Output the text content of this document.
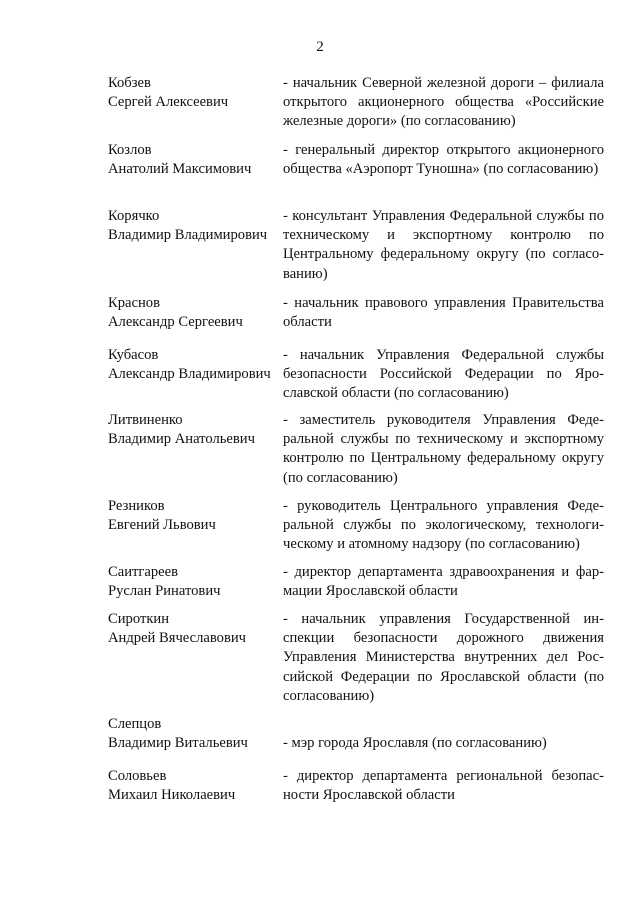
2
Кобзев
Сергей Алексеевич
- начальник Северной железной дороги – филиала открытого акционерного общества «Российские железные дороги» (по согласованию)
Козлов
Анатолий Максимович
- генеральный директор открытого акционерного общества «Аэропорт Туношна» (по согласованию)
Корячко
Владимир Владимирович
- консультант Управления Федеральной службы по техническому и экспортному контролю по Центральному федеральному округу (по согласованию)
Краснов
Александр Сергеевич
- начальник правового управления Правительства области
Кубасов
Александр Владимирович
- начальник Управления Федеральной службы безопасности Российской Федерации по Ярославской области (по согласованию)
Литвиненко
Владимир Анатольевич
- заместитель руководителя Управления Федеральной службы по техническому и экспортному контролю по Центральному федеральному округу (по согласованию)
Резников
Евгений Львович
- руководитель Центрального управления Федеральной службы по экологическому, технологическому и атомному надзору (по согласованию)
Саитгареев
Руслан Ринатович
- директор департамента здравоохранения и фармации Ярославской области
Сироткин
Андрей Вячеславович
- начальник управления Государственной инспекции безопасности дорожного движения Управления Министерства внутренних дел Российской Федерации по Ярославской области (по согласованию)
Слепцов
Владимир Витальевич	- мэр города Ярославля (по согласованию)
Соловьев
Михаил Николаевич
- директор департамента региональной безопасности Ярославской области
